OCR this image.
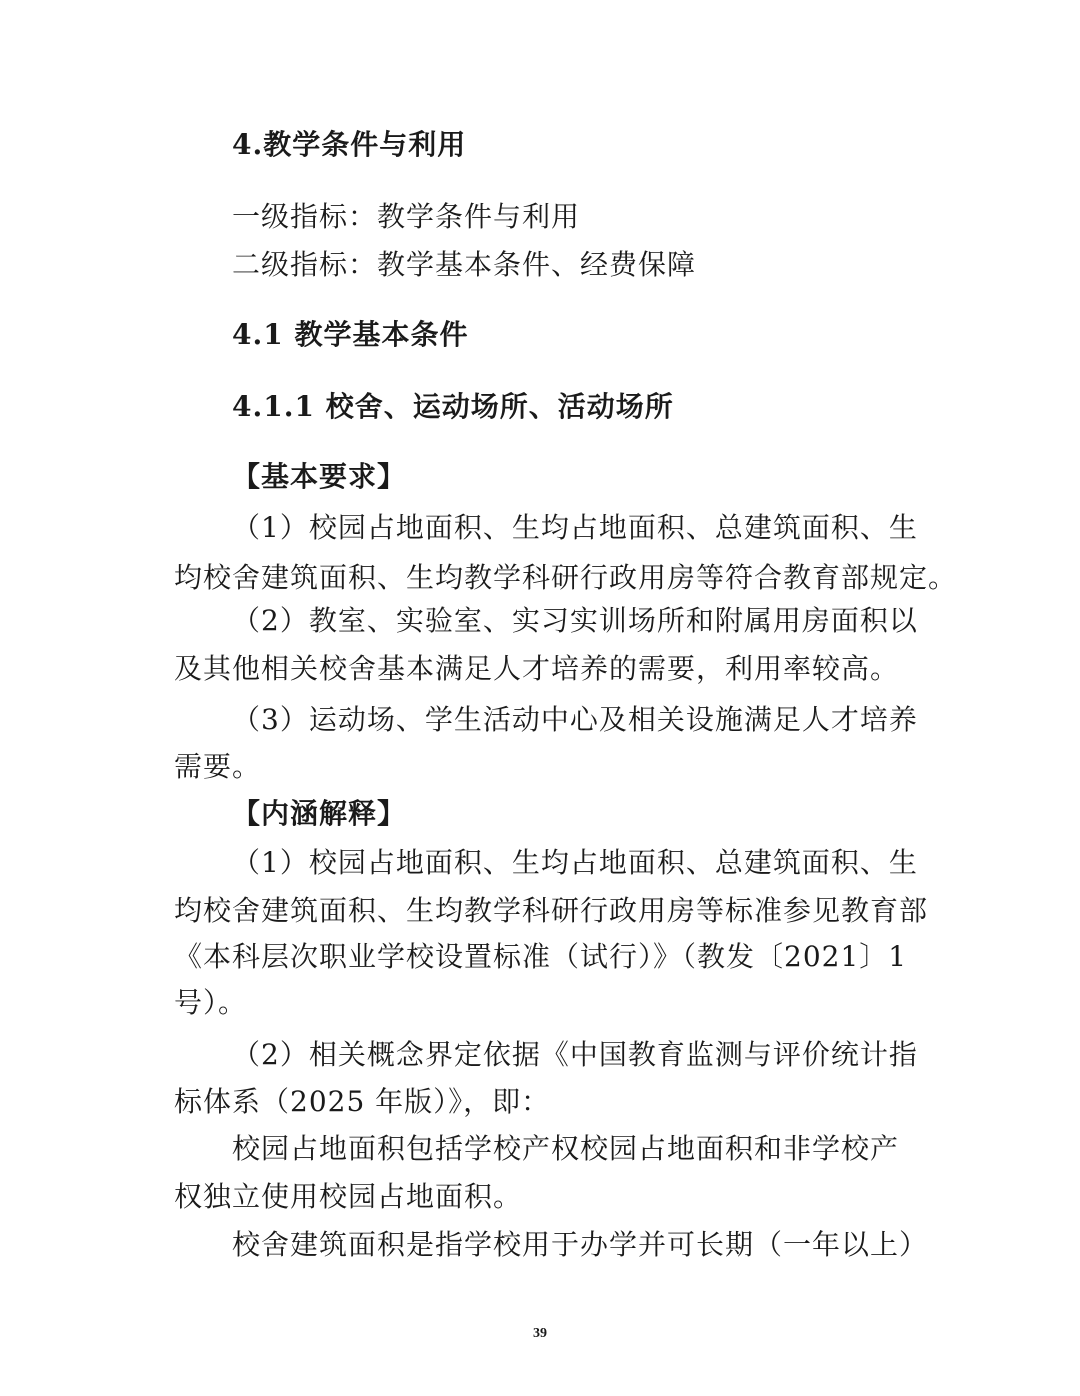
4.教学条件与利用
一级指标：教学条件与利用
二级指标：教学基本条件、经费保障
4.1 教学基本条件
4.1.1 校舍、运动场所、活动场所
【基本要求】
（1）校园占地面积、生均占地面积、总建筑面积、生
均校舍建筑面积、生均教学科研行政用房等符合教育部规定。
（2）教室、实验室、实习实训场所和附属用房面积以
及其他相关校舍基本满足人才培养的需要，利用率较高。
（3）运动场、学生活动中心及相关设施满足人才培养
需要。
【内涵解释】
（1）校园占地面积、生均占地面积、总建筑面积、生
均校舍建筑面积、生均教学科研行政用房等标准参见教育部
《本科层次职业学校设置标准（试行）》（教发〔2021〕1
号）。
（2）相关概念界定依据《中国教育监测与评价统计指
标体系（2025 年版）》，即：
校园占地面积包括学校产权校园占地面积和非学校产
权独立使用校园占地面积。
校舍建筑面积是指学校用于办学并可长期（一年以上）
39
